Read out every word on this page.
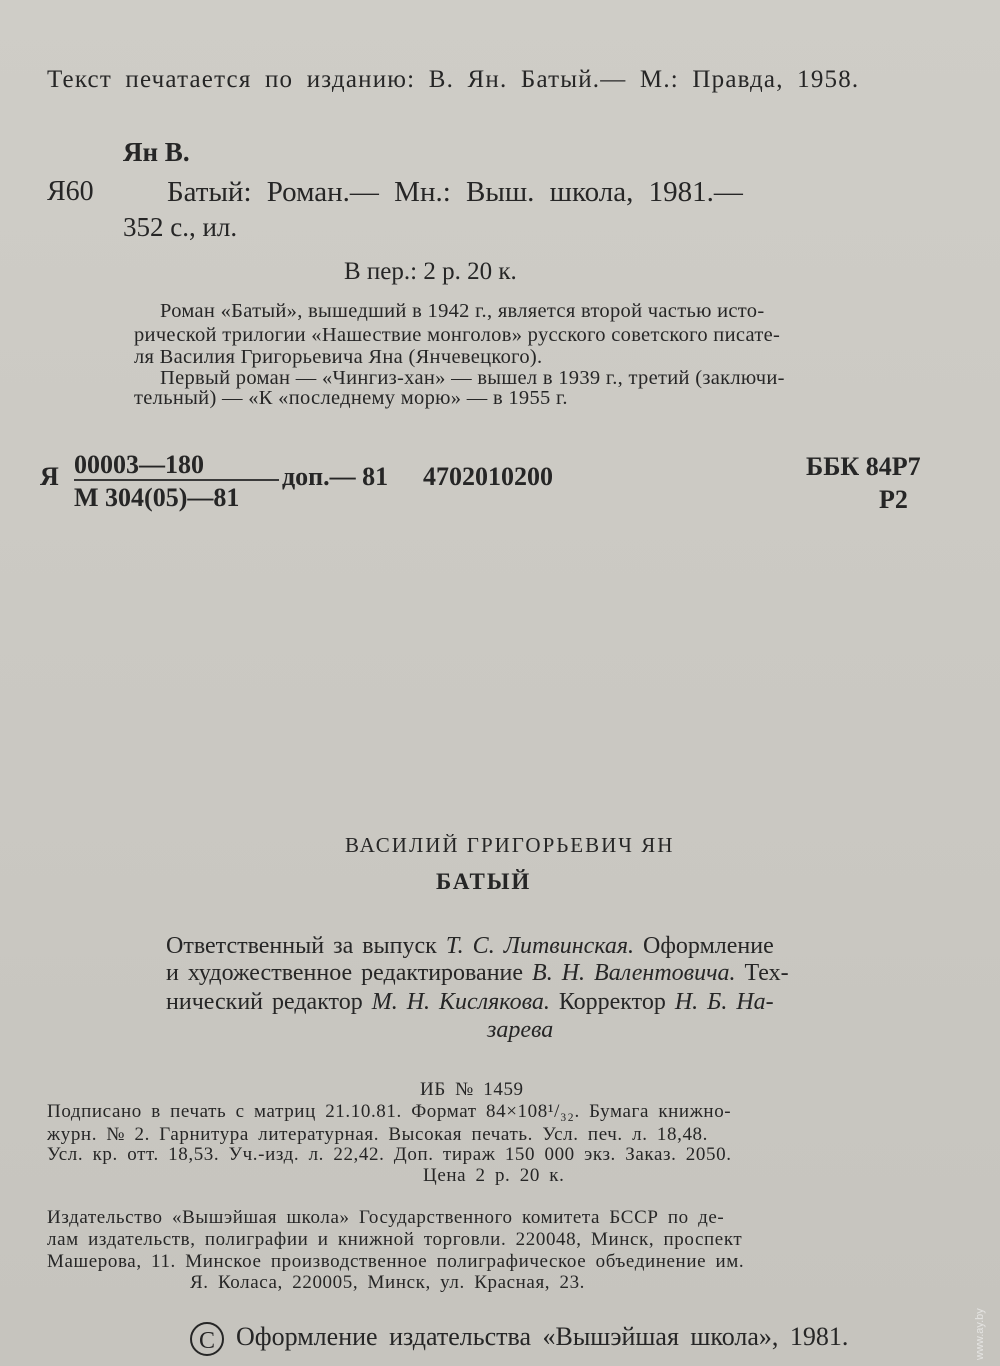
Текст печатается по изданию: В. Ян. Батый.— М.: Правда, 1958.
Ян В.
Я60	Батый: Роман.— Мн.: Выш. школа, 1981.—
352 с., ил.
В пер.: 2 р. 20 к.
Роман «Батый», вышедший в 1942 г., является второй частью исто-
рической трилогии «Нашествие монголов» русского советского писате-
ля Василия Григорьевича Яна (Янчевецкого).
Первый роман — «Чингиз-хан» — вышел в 1939 г., третий (заключи-
тельный) — «К «последнему морю» — в 1955 г.
Я 00003—180
М 304(05)—81
доп.— 81 4702010200	ББК 84Р7
Р2
ВАСИЛИЙ ГРИГОРЬЕВИЧ ЯН
БАТЫЙ
Ответственный за выпуск Т. С. Литвинская. Оформление
и художественное редактирование В. Н. Валентовича. Тех-
нический редактор М. Н. Кислякова. Корректор Н. Б. На-
зарева
ИБ № 1459
Подписано в печать с матриц 21.10.81. Формат 84×108¹/₃₂. Бумага книжно-
журн. № 2. Гарнитура литературная. Высокая печать. Усл. печ. л. 18,48.
Усл. кр. отт. 18,53. Уч.-изд. л. 22,42. Доп. тираж 150 000 экз. Заказ. 2050.
Цена 2 р. 20 к.
Издательство «Вышэйшая школа» Государственного комитета БССР по де-
лам издательств, полиграфии и книжной торговли. 220048, Минск, проспект
Машерова, 11. Минское производственное полиграфическое объединение им.
Я. Коласа, 220005, Минск, ул. Красная, 23.
C Оформление издательства «Вышэйшая школа», 1981.	www.ay.by
